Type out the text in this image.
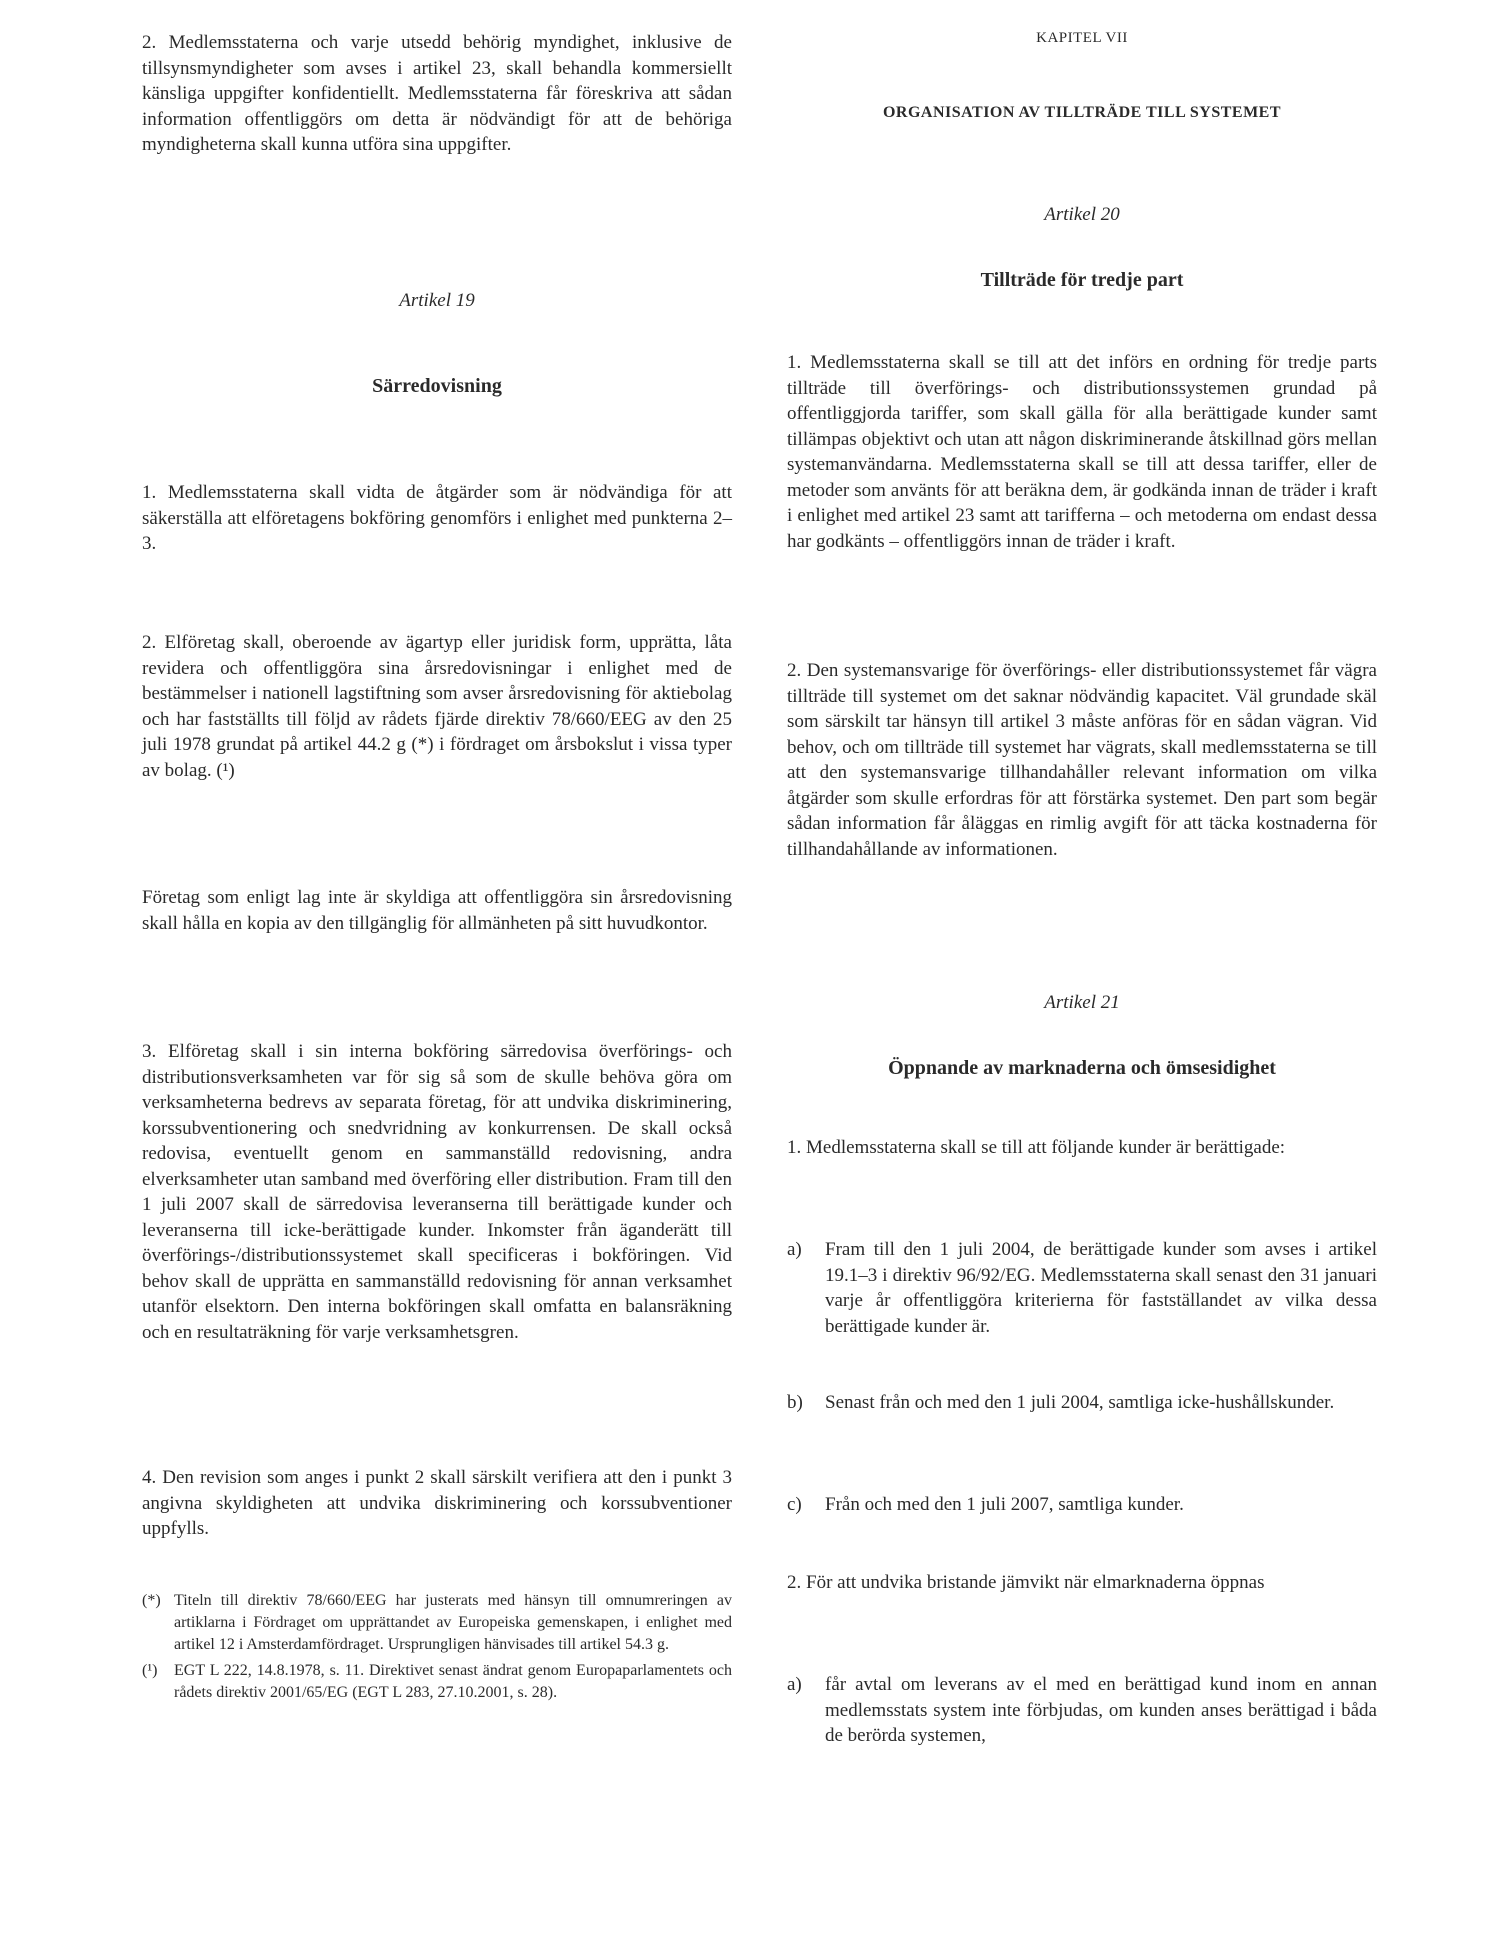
2. Medlemsstaterna och varje utsedd behörig myndighet, inklusive de tillsynsmyndigheter som avses i artikel 23, skall behandla kommersiellt känsliga uppgifter konfidentiellt. Medlemsstaterna får föreskriva att sådan information offentliggörs om detta är nödvändigt för att de behöriga myndigheterna skall kunna utföra sina uppgifter.

Artikel 19

Särredovisning

1. Medlemsstaterna skall vidta de åtgärder som är nödvändiga för att säkerställa att elföretagens bokföring genomförs i enlighet med punkterna 2–3.

2. Elföretag skall, oberoende av ägartyp eller juridisk form, upprätta, låta revidera och offentliggöra sina årsredovisningar i enlighet med de bestämmelser i nationell lagstiftning som avser årsredovisning för aktiebolag och har fastställts till följd av rådets fjärde direktiv 78/660/EEG av den 25 juli 1978 grundat på artikel 44.2 g (*) i fördraget om årsbokslut i vissa typer av bolag. (¹)

Företag som enligt lag inte är skyldiga att offentliggöra sin årsredovisning skall hålla en kopia av den tillgänglig för allmänheten på sitt huvudkontor.

3. Elföretag skall i sin interna bokföring särredovisa överförings- och distributionsverksamheten var för sig så som de skulle behöva göra om verksamheterna bedrevs av separata företag, för att undvika diskriminering, korssubventionering och snedvridning av konkurrensen. De skall också redovisa, eventuellt genom en sammanställd redovisning, andra elverksamheter utan samband med överföring eller distribution. Fram till den 1 juli 2007 skall de särredovisa leveranserna till berättigade kunder och leveranserna till icke-berättigade kunder. Inkomster från äganderätt till överförings-/distributionssystemet skall specificeras i bokföringen. Vid behov skall de upprätta en sammanställd redovisning för annan verksamhet utanför elsektorn. Den interna bokföringen skall omfatta en balansräkning och en resultaträkning för varje verksamhetsgren.

4. Den revision som anges i punkt 2 skall särskilt verifiera att den i punkt 3 angivna skyldigheten att undvika diskriminering och korssubventioner uppfylls.

(*) Titeln till direktiv 78/660/EEG har justerats med hänsyn till omnumreringen av artiklarna i Fördraget om upprättandet av Europeiska gemenskapen, i enlighet med artikel 12 i Amsterdamfördraget. Ursprungligen hänvisades till artikel 54.3 g.
(¹)	EGT L 222, 14.8.1978, s. 11. Direktivet senast ändrat genom Europaparlamentets och rådets direktiv 2001/65/EG (EGT L 283, 27.10.2001, s. 28).

KAPITEL VII

ORGANISATION AV TILLTRÄDE TILL SYSTEMET

Artikel 20

Tillträde för tredje part

1. Medlemsstaterna skall se till att det införs en ordning för tredje parts tillträde till överförings- och distributionssystemen grundad på offentliggjorda tariffer, som skall gälla för alla berättigade kunder samt tillämpas objektivt och utan att någon diskriminerande åtskillnad görs mellan systemanvändarna. Medlemsstaterna skall se till att dessa tariffer, eller de metoder som använts för att beräkna dem, är godkända innan de träder i kraft i enlighet med artikel 23 samt att tarifferna – och metoderna om endast dessa har godkänts – offentliggörs innan de träder i kraft.

2. Den systemansvarige för överförings- eller distributionssystemet får vägra tillträde till systemet om det saknar nödvändig kapacitet. Väl grundade skäl som särskilt tar hänsyn till artikel 3 måste anföras för en sådan vägran. Vid behov, och om tillträde till systemet har vägrats, skall medlemsstaterna se till att den systemansvarige tillhandahåller relevant information om vilka åtgärder som skulle erfordras för att förstärka systemet. Den part som begär sådan information får åläggas en rimlig avgift för att täcka kostnaderna för tillhandahållande av informationen.

Artikel 21

Öppnande av marknaderna och ömsesidighet

1. Medlemsstaterna skall se till att följande kunder är berättigade:

a)	Fram till den 1 juli 2004, de berättigade kunder som avses i artikel 19.1–3 i direktiv 96/92/EG. Medlemsstaterna skall senast den 31 januari varje år offentliggöra kriterierna för fastställandet av vilka dessa berättigade kunder är.
b)	Senast från och med den 1 juli 2004, samtliga icke-hushållskunder.
c)	Från och med den 1 juli 2007, samtliga kunder.

2. För att undvika bristande jämvikt när elmarknaderna öppnas

a)	får avtal om leverans av el med en berättigad kund inom en annan medlemsstats system inte förbjudas, om kunden anses berättigad i båda de berörda systemen,
